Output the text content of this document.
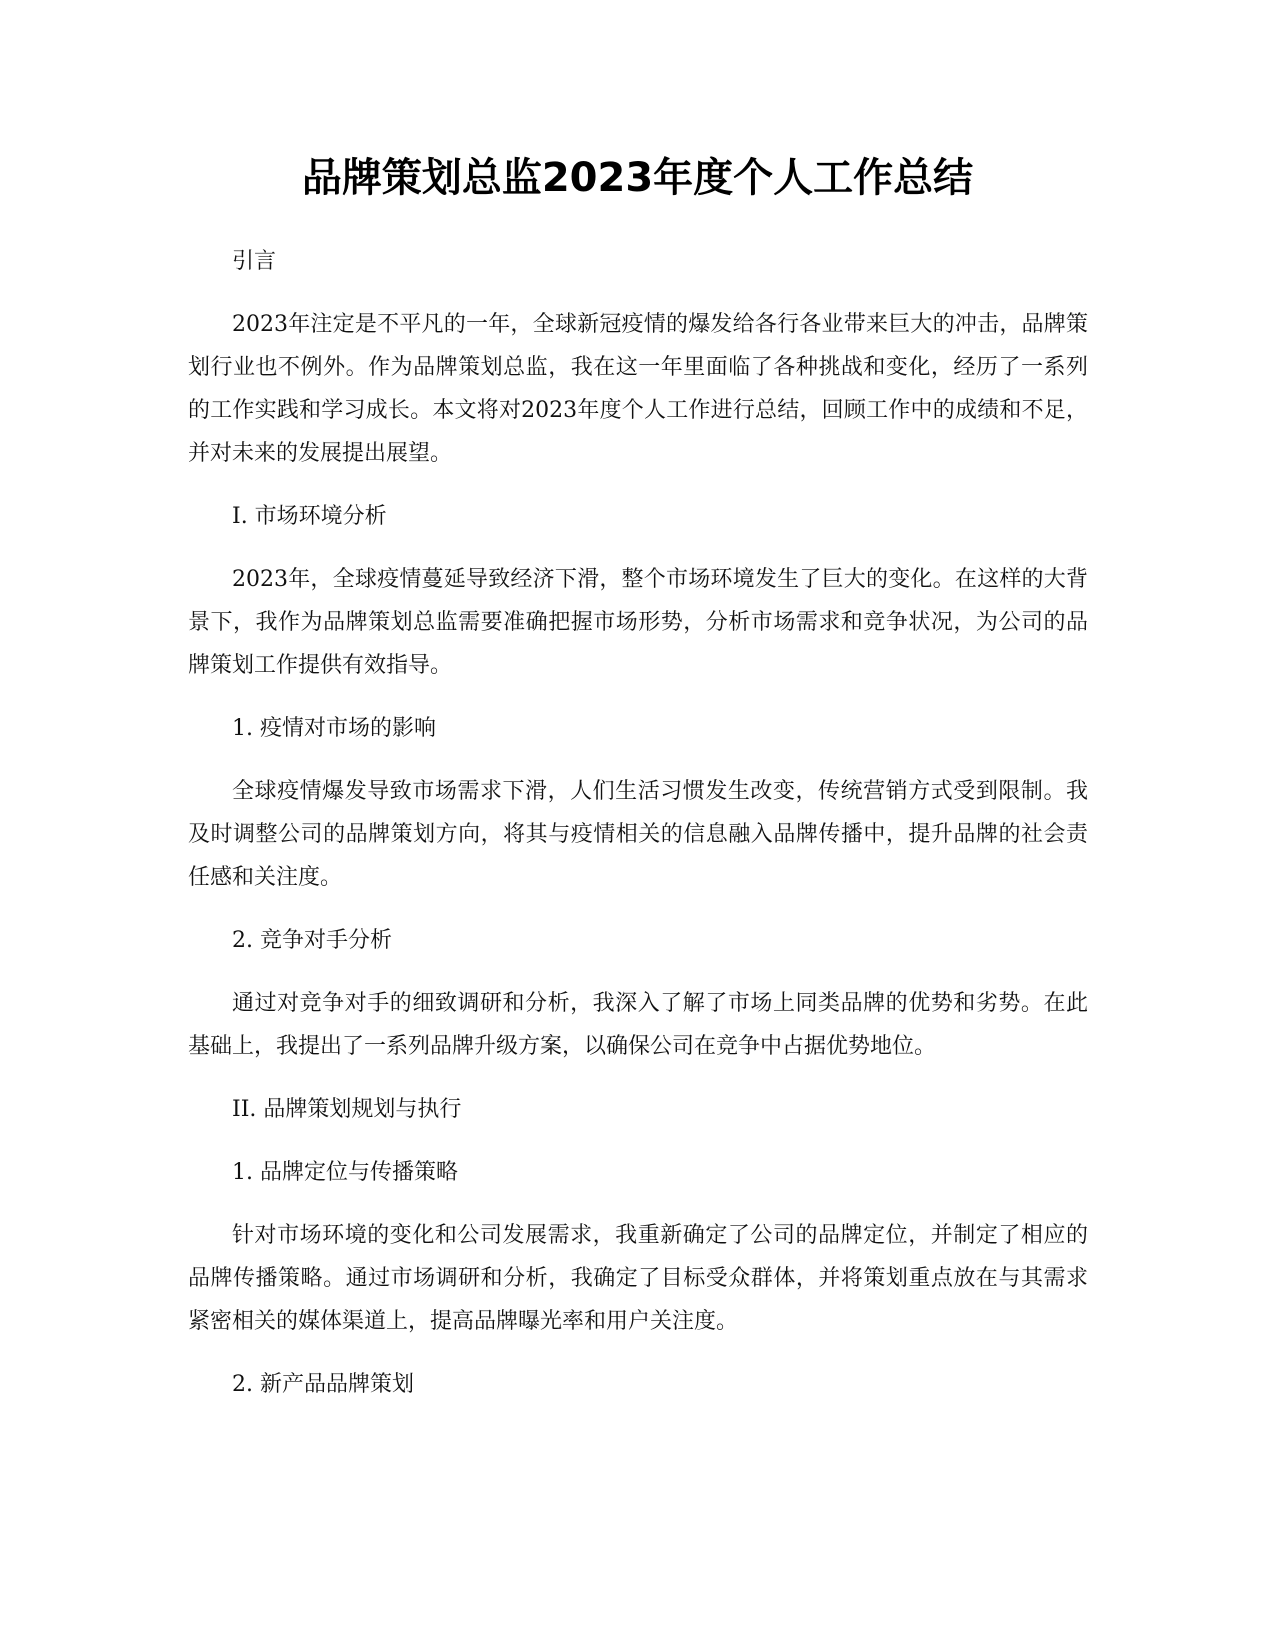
品牌策划总监2023年度个人工作总结

引言

2023年注定是不平凡的一年，全球新冠疫情的爆发给各行各业带来巨大的冲击，品牌策划行业也不例外。作为品牌策划总监，我在这一年里面临了各种挑战和变化，经历了一系列的工作实践和学习成长。本文将对2023年度个人工作进行总结，回顾工作中的成绩和不足，并对未来的发展提出展望。

I. 市场环境分析

2023年，全球疫情蔓延导致经济下滑，整个市场环境发生了巨大的变化。在这样的大背景下，我作为品牌策划总监需要准确把握市场形势，分析市场需求和竞争状况，为公司的品牌策划工作提供有效指导。

1. 疫情对市场的影响

全球疫情爆发导致市场需求下滑，人们生活习惯发生改变，传统营销方式受到限制。我及时调整公司的品牌策划方向，将其与疫情相关的信息融入品牌传播中，提升品牌的社会责任感和关注度。

2. 竞争对手分析

通过对竞争对手的细致调研和分析，我深入了解了市场上同类品牌的优势和劣势。在此基础上，我提出了一系列品牌升级方案，以确保公司在竞争中占据优势地位。

II. 品牌策划规划与执行

1. 品牌定位与传播策略

针对市场环境的变化和公司发展需求，我重新确定了公司的品牌定位，并制定了相应的品牌传播策略。通过市场调研和分析，我确定了目标受众群体，并将策划重点放在与其需求紧密相关的媒体渠道上，提高品牌曝光率和用户关注度。

2. 新产品品牌策划
